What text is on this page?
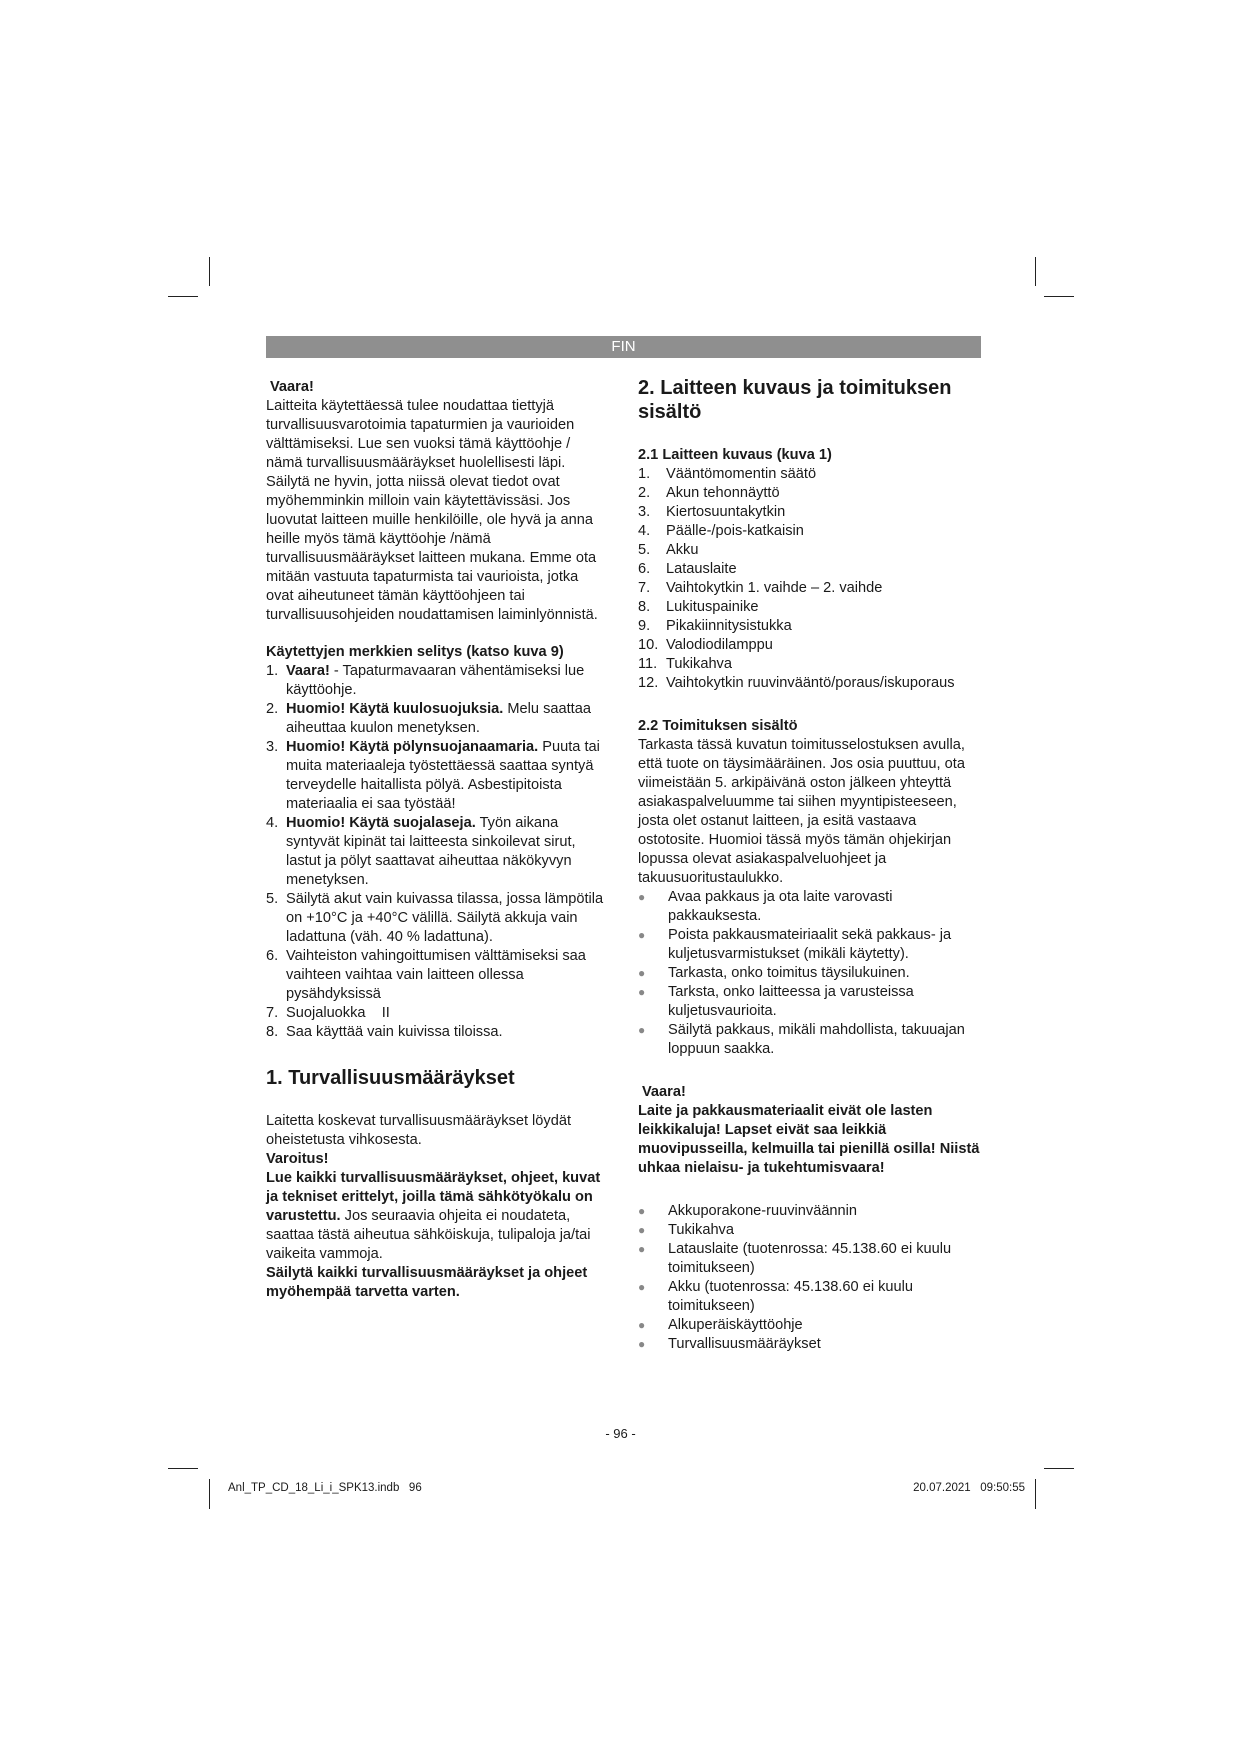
FIN

Vaara!

Laitteita käytettäessä tulee noudattaa tiettyjä turvallisuusvarotoimia tapaturmien ja vaurioiden välttämiseksi. Lue sen vuoksi tämä käyttöohje / nämä turvallisuusmääräykset huolellisesti läpi. Säilytä ne hyvin, jotta niissä olevat tiedot ovat myöhemminkin milloin vain käytettävissäsi. Jos luovutat laitteen muille henkilöille, ole hyvä ja anna heille myös tämä käyttöohje /nämä turvallisuusmääräykset laitteen mukana. Emme ota mitään vastuuta tapaturmista tai vaurioista, jotka ovat aiheutuneet tämän käyttöohjeen tai turvallisuusohjeiden noudattamisen laiminlyönnistä.

Käytettyjen merkkien selitys (katso kuva 9)

1. Vaara! - Tapaturmavaaran vähentämiseksi lue käyttöohje.
2. Huomio! Käytä kuulosuojuksia. Melu saattaa aiheuttaa kuulon menetyksen.
3. Huomio! Käytä pölynsuojanaamaria. Puuta tai muita materiaaleja työstettäessä saattaa syntyä terveydelle haitallista pölyä. Asbestipitoista materiaalia ei saa työstää!
4. Huomio! Käytä suojalaseja. Työn aikana syntyvät kipinät tai laitteesta sinkoilevat sirut, lastut ja pölyt saattavat aiheuttaa näkökyvyn menetyksen.
5. Säilytä akut vain kuivassa tilassa, jossa lämpötila on +10°C ja +40°C välillä. Säilytä akkuja vain ladattuna (väh. 40 % ladattuna).
6. Vaihteiston vahingoittumisen välttämiseksi saa vaihteen vaihtaa vain laitteen ollessa pysähdyksissä
7. Suojaluokka    II
8. Saa käyttää vain kuivissa tiloissa.

1. Turvallisuusmääräykset

Laitetta koskevat turvallisuusmääräykset löydät oheistetusta vihkosesta.

Varoitus!

Lue kaikki turvallisuusmääräykset, ohjeet, kuvat ja tekniset erittelyt, joilla tämä sähkötyökalu on varustettu. Jos seuraavia ohjeita ei noudateta, saattaa tästä aiheutua sähköiskuja, tulipaloja ja/tai vaikeita vammoja.

Säilytä kaikki turvallisuusmääräykset ja ohjeet myöhempää tarvetta varten.

2. Laitteen kuvaus ja toimituksen sisältö

2.1 Laitteen kuvaus (kuva 1)

1.	Vääntömomentin säätö
2.	Akun tehonnäyttö
3.	Kiertosuuntakytkin
4.	Päälle-/pois-katkaisin
5.	Akku
6.	Latauslaite
7.	Vaihtokytkin 1. vaihde – 2. vaihde
8.	Lukituspainike
9.	Pikakiinnitysistukka
10. Valodiodilamppu
11. Tukikahva
12. Vaihtokytkin ruuvinvääntö/poraus/iskuporaus

2.2 Toimituksen sisältö

Tarkasta tässä kuvatun toimitusselostuksen avulla, että tuote on täysimääräinen. Jos osia puuttuu, ota viimeistään 5. arkipäivänä oston jälkeen yhteyttä asiakaspalveluumme tai siihen myyntipisteeseen, josta olet ostanut laitteen, ja esitä vastaava ostotosite. Huomioi tässä myös tämän ohjekirjan lopussa olevat asiakaspalveluohjeet ja takuusuoritustaulukko.

●	Avaa pakkaus ja ota laite varovasti pakkauksesta.
●	Poista pakkausmateiriaalit sekä pakkaus- ja kuljetusvarmistukset (mikäli käytetty).
●	Tarkasta, onko toimitus täysilukuinen.
●	Tarksta, onko laitteessa ja varusteissa kuljetusvaurioita.
●	Säilytä pakkaus, mikäli mahdollista, takuuajan loppuun saakka.

Vaara!

Laite ja pakkausmateriaalit eivät ole lasten leikkikaluja! Lapset eivät saa leikkiä muovipusseilla, kelmuilla tai pienillä osilla! Niistä uhkaa nielaisu- ja tukehtumisvaara!

●	Akkuporakone-ruuvinväännin
●	Tukikahva
●	Latauslaite (tuotenrossa: 45.138.60 ei kuulu toimitukseen)
●	Akku (tuotenrossa: 45.138.60 ei kuulu toimitukseen)
●	Alkuperäiskäyttöohje
●	Turvallisuusmääräykset
- 96 -
Anl_TP_CD_18_Li_i_SPK13.indb   96	20.07.2021   09:50:55
